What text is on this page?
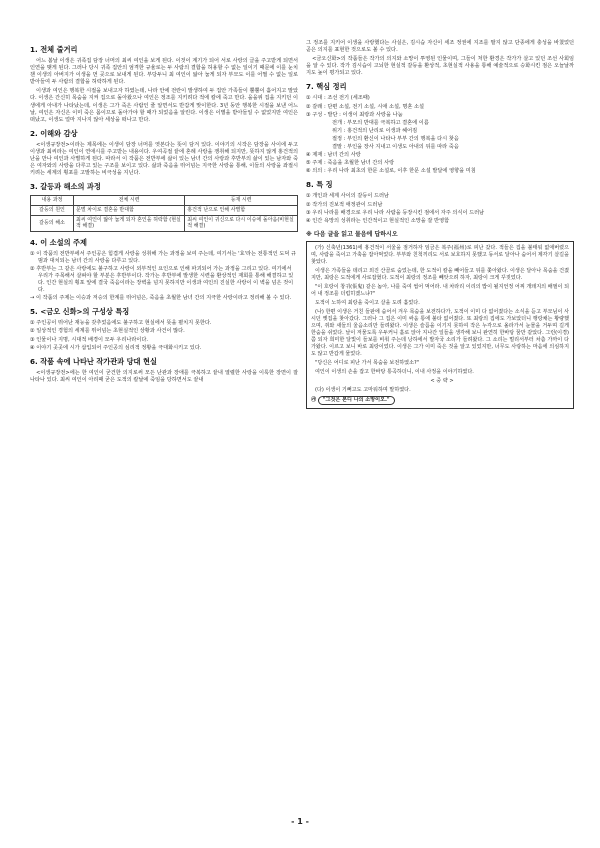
1. 전체 줄거리

어느 봄날 이생은 귀족집 담장 너머의 최씨 여인을 보게 된다. 이것이 계기가 되어 서로 사랑의 글을 주고받게 되면서 인연을 맺게 된다. 그러나 당시 귀족 집안의 엄격한 규율로는 두 사람의 결합을 허용할 수 없는 일이기 때문에 이를 눈치챈 이생의 아버지가 이생을 먼 곳으로 보내게 된다. 부당두니 최 여인이 앓아 눕게 되자 부모도 이를 어쩔 수 없는 일로 받아들여 두 사람의 결합을 허락하게 된다.

이생과 여인은 행복한 시절을 보내고자 하였는데, 나라 안에 전란이 발생하여 두 집안 가족들이 뿔뿔이 흩어지고 말았다. 이생은 간신히 목숨을 지켜 집으로 돌아왔으나 여인은 정조를 지키려다 적에 칼에 죽고 만다. 을을위 집을 지키던 이생에게 아내가 나타났는데, 이생은 그가 죽은 사람인 줄 알면서도 반갑게 맞이한다. 3년 동안 행복한 시절을 보낸 어느 날, 여인은 자신은 이미 죽은 몸이므로 돌아가야 할 때가 되었음을 알린다. 이생은 이별을 받아들일 수 없었지만 여인은 떠났고, 이생도 얼마 지나지 않아 세상을 떠나고 만다.

2. 이해와 감상

<이생규장전>이라는 제목에는 이생이 담장 너머를 엿본다는 뜻이 담겨 있다. 이야기의 시작은 담장을 사이에 두고 이생과 최씨라는 여인이 연애시를 주고받는 내용이다. 우여곡절 끝에 혼례 사랑을 쟁취해 되지만, 뜻하지 않게 홍건적의 난을 만나 여인과 사별하게 된다. 따라서 이 작품은 전반부에 삶이 있는 남녀 간의 사랑과 후반부의 삶이 있는 남자와 죽은 여자와의 사랑을 다루고 있는 구조를 보이고 있다. 삶과 죽음을 뛰어넘는 지극한 사랑을 통해, 이들의 사랑을 좌절시키려는 세계의 횡포를 고발하는 비극성을 지닌다.

3. 갈등과 해소의 과정
내용 과정	전체 시련	등재 시련
갈등의 원인	문벌 차이로 결혼을 반대함	홍건적 난으로 인해 사별함
갈등의 해소	최씨 여인이 앓아 눕게 되자 혼인을 허락함 (현실적 해결)	최씨 여인이 귀신으로 다시 이승에 돌아옴(비현실적 해결)
4. 이 소설의 주제
① 이 작품의 전반부에서 주인공은 힘겹게 사랑을 성취해 가는 과정을 보여 주는데, 여기서는 '효'라는 전통적인 도덕 규범과 대치되는 남녀 간의 사랑을 다루고 있다.
② 후반부는 그 같은 사랑에도 불구하고 사랑이 외부적인 요인으로 인해 파괴되어 가는 과정을 그리고 있다. 여기에서 우리가 주목해서 살펴야 할 부분은 후반부이다. 작가는 후반부에 발생한 시련을 환상적인 재회를 통해 해결하고 있다. 인간 현실의 횡포 앞에 결국 죽음이라는 장벽을 넘지 못하지만 이생과 여인의 진실한 사랑이 이 벽을 넘은 것이다.
→ 이 작품의 주제는 이승과 저승의 한계를 뛰어넘은, 죽음을 초월한 남녀 간의 지극한 사랑이라고 정리해 볼 수 있다.
5. <금오 신화>의 구성상 특징
① 주인공이 뛰어난 재능을 갖추었음에도 불구하고 현실에서 뜻을 펼치지 못한다.
② 일상적인 경험의 세계를 뛰어넘는 초현실적인 상황과 사건이 많다.
③ 인물이나 지명, 시대적 배경이 모두 우리나라이다.
④ 이야기 곳곳에 시가 삽입되어 주인공의 심리적 정황을 극대화시키고 있다.
6. 작품 속에 나타난 작가관과 당대 현실

<이생규장전>에는 한 여인이 굳건한 의지로써 모든 난관과 장애를 극복하고 끝내 열렬한 사랑을 이룩한 장면이 잘 나타나 있다. 최씨 여인이 아리때 굳은 도적의 칼날에 죽임을 당하면서도 끝내

그 정조를 지키어 이생을 사랑했다는 사실은, 김시습 자신이 세조 정권에 지조를 팔지 않고 단종에게 충성을 바쳤었던 곧은 의지를 표현한 것으로도 볼 수 있다.

<금오신화>의 작품들은 작가의 의지와 소망이 투영된 인물이며, 그들이 처한 환경은 작가가 살고 있던 조선 사회임을 알 수 있다. 작가 김시습이 고뇌한 현실적 갈등을 환상적, 초현실적 사용을 통해 예술적으로 승화시킨 점은 오늘날까지도 높이 평가되고 있다.

7. 핵심 정리
① 시대 : 조선 전기 (세조때)
② 갈래 : 단편 소설, 전기 소설, 시애 소설, 명혼 소설
③ 구성 - 발단 : 이생이 최랑과 사랑을 나눔
전개 : 부모의 반대를 극복하고 결혼에 이름
위기 : 홍건적의 난리로 이생과 헤어짐
절정 : 부인의 환신이 나타나 부부 간의 행복을 다시 찾음
결말 : 부인을 장사 지내고 이생도 아내의 뒤를 따라 죽음
④ 제재 : 남녀 간의 사랑
⑤ 주제 : 죽음을 초월한 남녀 간의 사랑
⑥ 의의 : 우리 나라 최초의 한문 소설로, 이후 한문 소설 발달에 영향을 미침
8. 특 징
① 개인과 세계 사이의 갈등이 드러남
② 작가의 진보적 애정관이 드러남
③ 우리 나라를 배경으로 우리 나라 사람을 등장시킨 점에서 자주 의식이 드러남
④ 인간 욕망의 성취라는 인간적이고 현실적인 소망을 잘 반영함
※ 다음 글을 읽고 물음에 답하시오

(가) 신축년(1361)에 홍건적이 서울을 점거하자 임금은 복주(福州)로 피난 갔다. 적들은 집을 불태워 없애버렸으며, 사람을 죽이고 가축을 잡아먹었다. 부부와 친척끼리도 서로 보호하지 못했고 동서로 달아나 숨어서 제각기 살길을 찾았다.

이생은 가족들을 데리고 외진 산골로 숨었는데, 한 도적이 칼을 빼어들고 뒤를 쫓아왔다. 이생은 달아나 목숨을 건졌지만, 최랑은 도적에게 사로잡혔다. 도적이 최랑의 정조를 빼앗으려 하자, 최랑이 크게 꾸짖었다.

"이 호랑이 창귀(倀鬼) 같은 놈아, 나를 죽여 씹어 먹어라. 내 차라리 이리의 밥이 될지언정 어찌 개돼지의 배필이 되어 내 정조를 더럽히겠느냐?"

도적이 노하여 최랑을 죽이고 살을 도려 흩었다.

(나) 한편 이생은 거친 들판에 숨어서 겨우 목숨을 보전하다가, 도적이 이미 다 없어졌다는 소식을 듣고 부모님이 사시던 옛집을 찾아갔다. 그러나 그 집은 이미 싸움 통에 불타 없어졌다. 또 최랑의 집에도 가보았더니 행랑채는 황량했으며, 쥐와 새들의 울음소리만 들려왔다. 이생은 슬픔을 이기지 못하여 작은 누각으로 올라가서 눈물을 거두며 길게 한숨을 쉬었다. 날이 저물도록 우두커니 홀로 앉아 지나간 일들을 생각해 보니 완연히 한바탕 꿈만 같았다. 그런(이경)쯤 되자 희미한 달빛이 들보를 비춰 주는데 낭하에서 발자국 소리가 들려왔다. 그 소리는 멀리서부터 차츰 가까이 다가왔다. 이르고 보니 바로 최랑이었다. 이생은 그가 이미 죽은 것을 알고 있었지만, 너무도 사랑하는 마음에 의심하지도 않고 반갑게 물었다.

"당신은 어디로 피난 가서 목숨을 보전하였소?"

여인이 이생의 손을 잡고 한바탕 통곡하더니, 이내 사정을 이야기하였다.

< 중 략 >

(다) 이생이 기뻐고도 고마워하며 말하였다.

㉮ "그것은 본디 나의 소망이오."
- 1 -
